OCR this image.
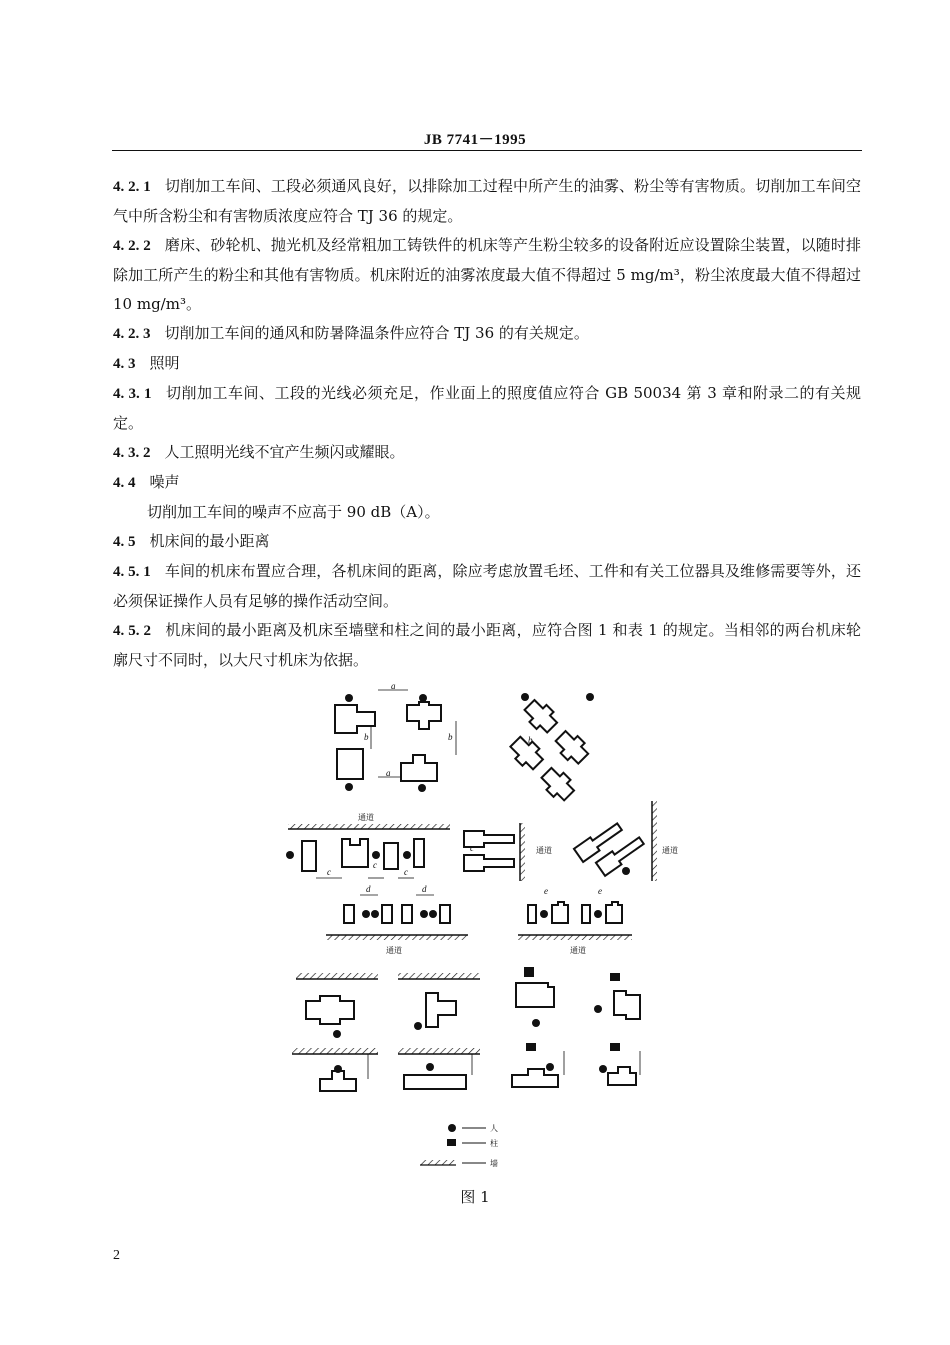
JB 7741－1995

4. 2. 1 切削加工车间、工段必须通风良好，以排除加工过程中所产生的油雾、粉尘等有害物质。切削加工车间空气中所含粉尘和有害物质浓度应符合 TJ 36 的规定。

4. 2. 2 磨床、砂轮机、抛光机及经常粗加工铸铁件的机床等产生粉尘较多的设备附近应设置除尘装置，以随时排除加工所产生的粉尘和其他有害物质。机床附近的油雾浓度最大值不得超过 5 mg/m³，粉尘浓度最大值不得超过 10 mg/m³。

4. 2. 3 切削加工车间的通风和防暑降温条件应符合 TJ 36 的有关规定。

4. 3 照明

4. 3. 1 切削加工车间、工段的光线必须充足，作业面上的照度值应符合 GB 50034 第 3 章和附录二的有关规定。

4. 3. 2 人工照明光线不宜产生频闪或耀眼。

4. 4 噪声

切削加工车间的噪声不应高于 90 dB（A）。

4. 5 机床间的最小距离

4. 5. 1 车间的机床布置应合理，各机床间的距离，除应考虑放置毛坯、工件和有关工位器具及维修需要等外，还必须保证操作人员有足够的操作活动空间。

4. 5. 2 机床间的最小距离及机床至墙壁和柱之间的最小距离，应符合图 1 和表 1 的规定。当相邻的两台机床轮廓尺寸不同时，以大尺寸机床为依据。

a
a
b	b	b
通道
c
c
c
c	通道	通道
d	d
通道
e	e
通道
人
柱
墙
图 1
2
